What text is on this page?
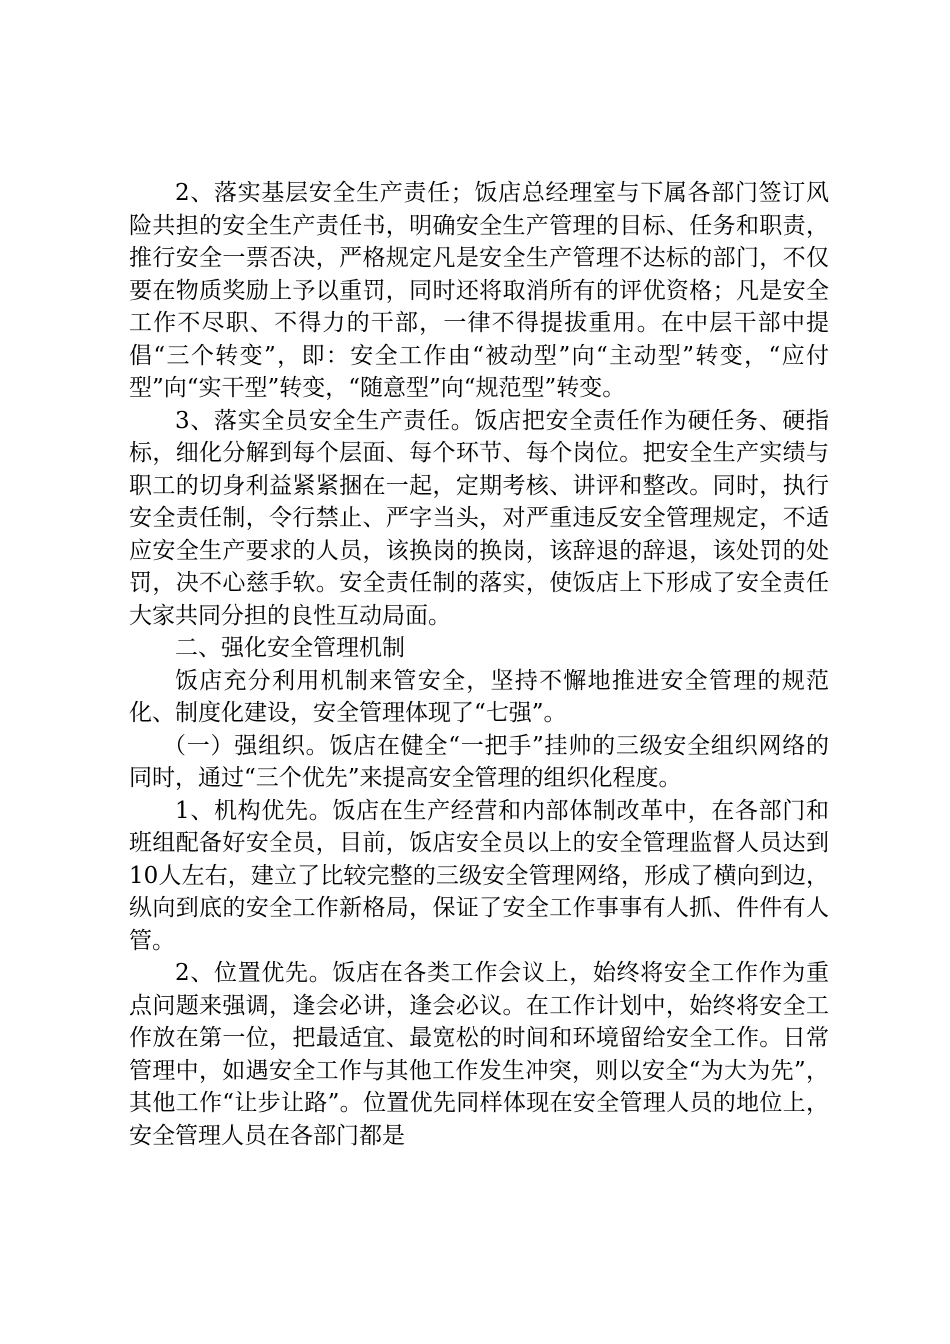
2、落实基层安全生产责任；饭店总经理室与下属各部门签订风险共担的安全生产责任书，明确安全生产管理的目标、任务和职责，推行安全一票否决，严格规定凡是安全生产管理不达标的部门，不仅要在物质奖励上予以重罚，同时还将取消所有的评优资格；凡是安全工作不尽职、不得力的干部，一律不得提拔重用。在中层干部中提倡“三个转变”，即：安全工作由“被动型”向“主动型”转变，“应付型”向“实干型”转变，“随意型”向“规范型”转变。

3、落实全员安全生产责任。饭店把安全责任作为硬任务、硬指标，细化分解到每个层面、每个环节、每个岗位。把安全生产实绩与职工的切身利益紧紧捆在一起，定期考核、讲评和整改。同时，执行安全责任制，令行禁止、严字当头，对严重违反安全管理规定，不适应安全生产要求的人员，该换岗的换岗，该辞退的辞退，该处罚的处罚，决不心慈手软。安全责任制的落实，使饭店上下形成了安全责任大家共同分担的良性互动局面。

二、强化安全管理机制

饭店充分利用机制来管安全，坚持不懈地推进安全管理的规范化、制度化建设，安全管理体现了“七强”。

（一）强组织。饭店在健全“一把手”挂帅的三级安全组织网络的同时，通过“三个优先”来提高安全管理的组织化程度。

1、机构优先。饭店在生产经营和内部体制改革中，在各部门和班组配备好安全员，目前，饭店安全员以上的安全管理监督人员达到10人左右，建立了比较完整的三级安全管理网络，形成了横向到边，纵向到底的安全工作新格局，保证了安全工作事事有人抓、件件有人管。

2、位置优先。饭店在各类工作会议上，始终将安全工作作为重点问题来强调，逢会必讲，逢会必议。在工作计划中，始终将安全工作放在第一位，把最适宜、最宽松的时间和环境留给安全工作。日常管理中，如遇安全工作与其他工作发生冲突，则以安全“为大为先”，其他工作“让步让路”。位置优先同样体现在安全管理人员的地位上，安全管理人员在各部门都是
